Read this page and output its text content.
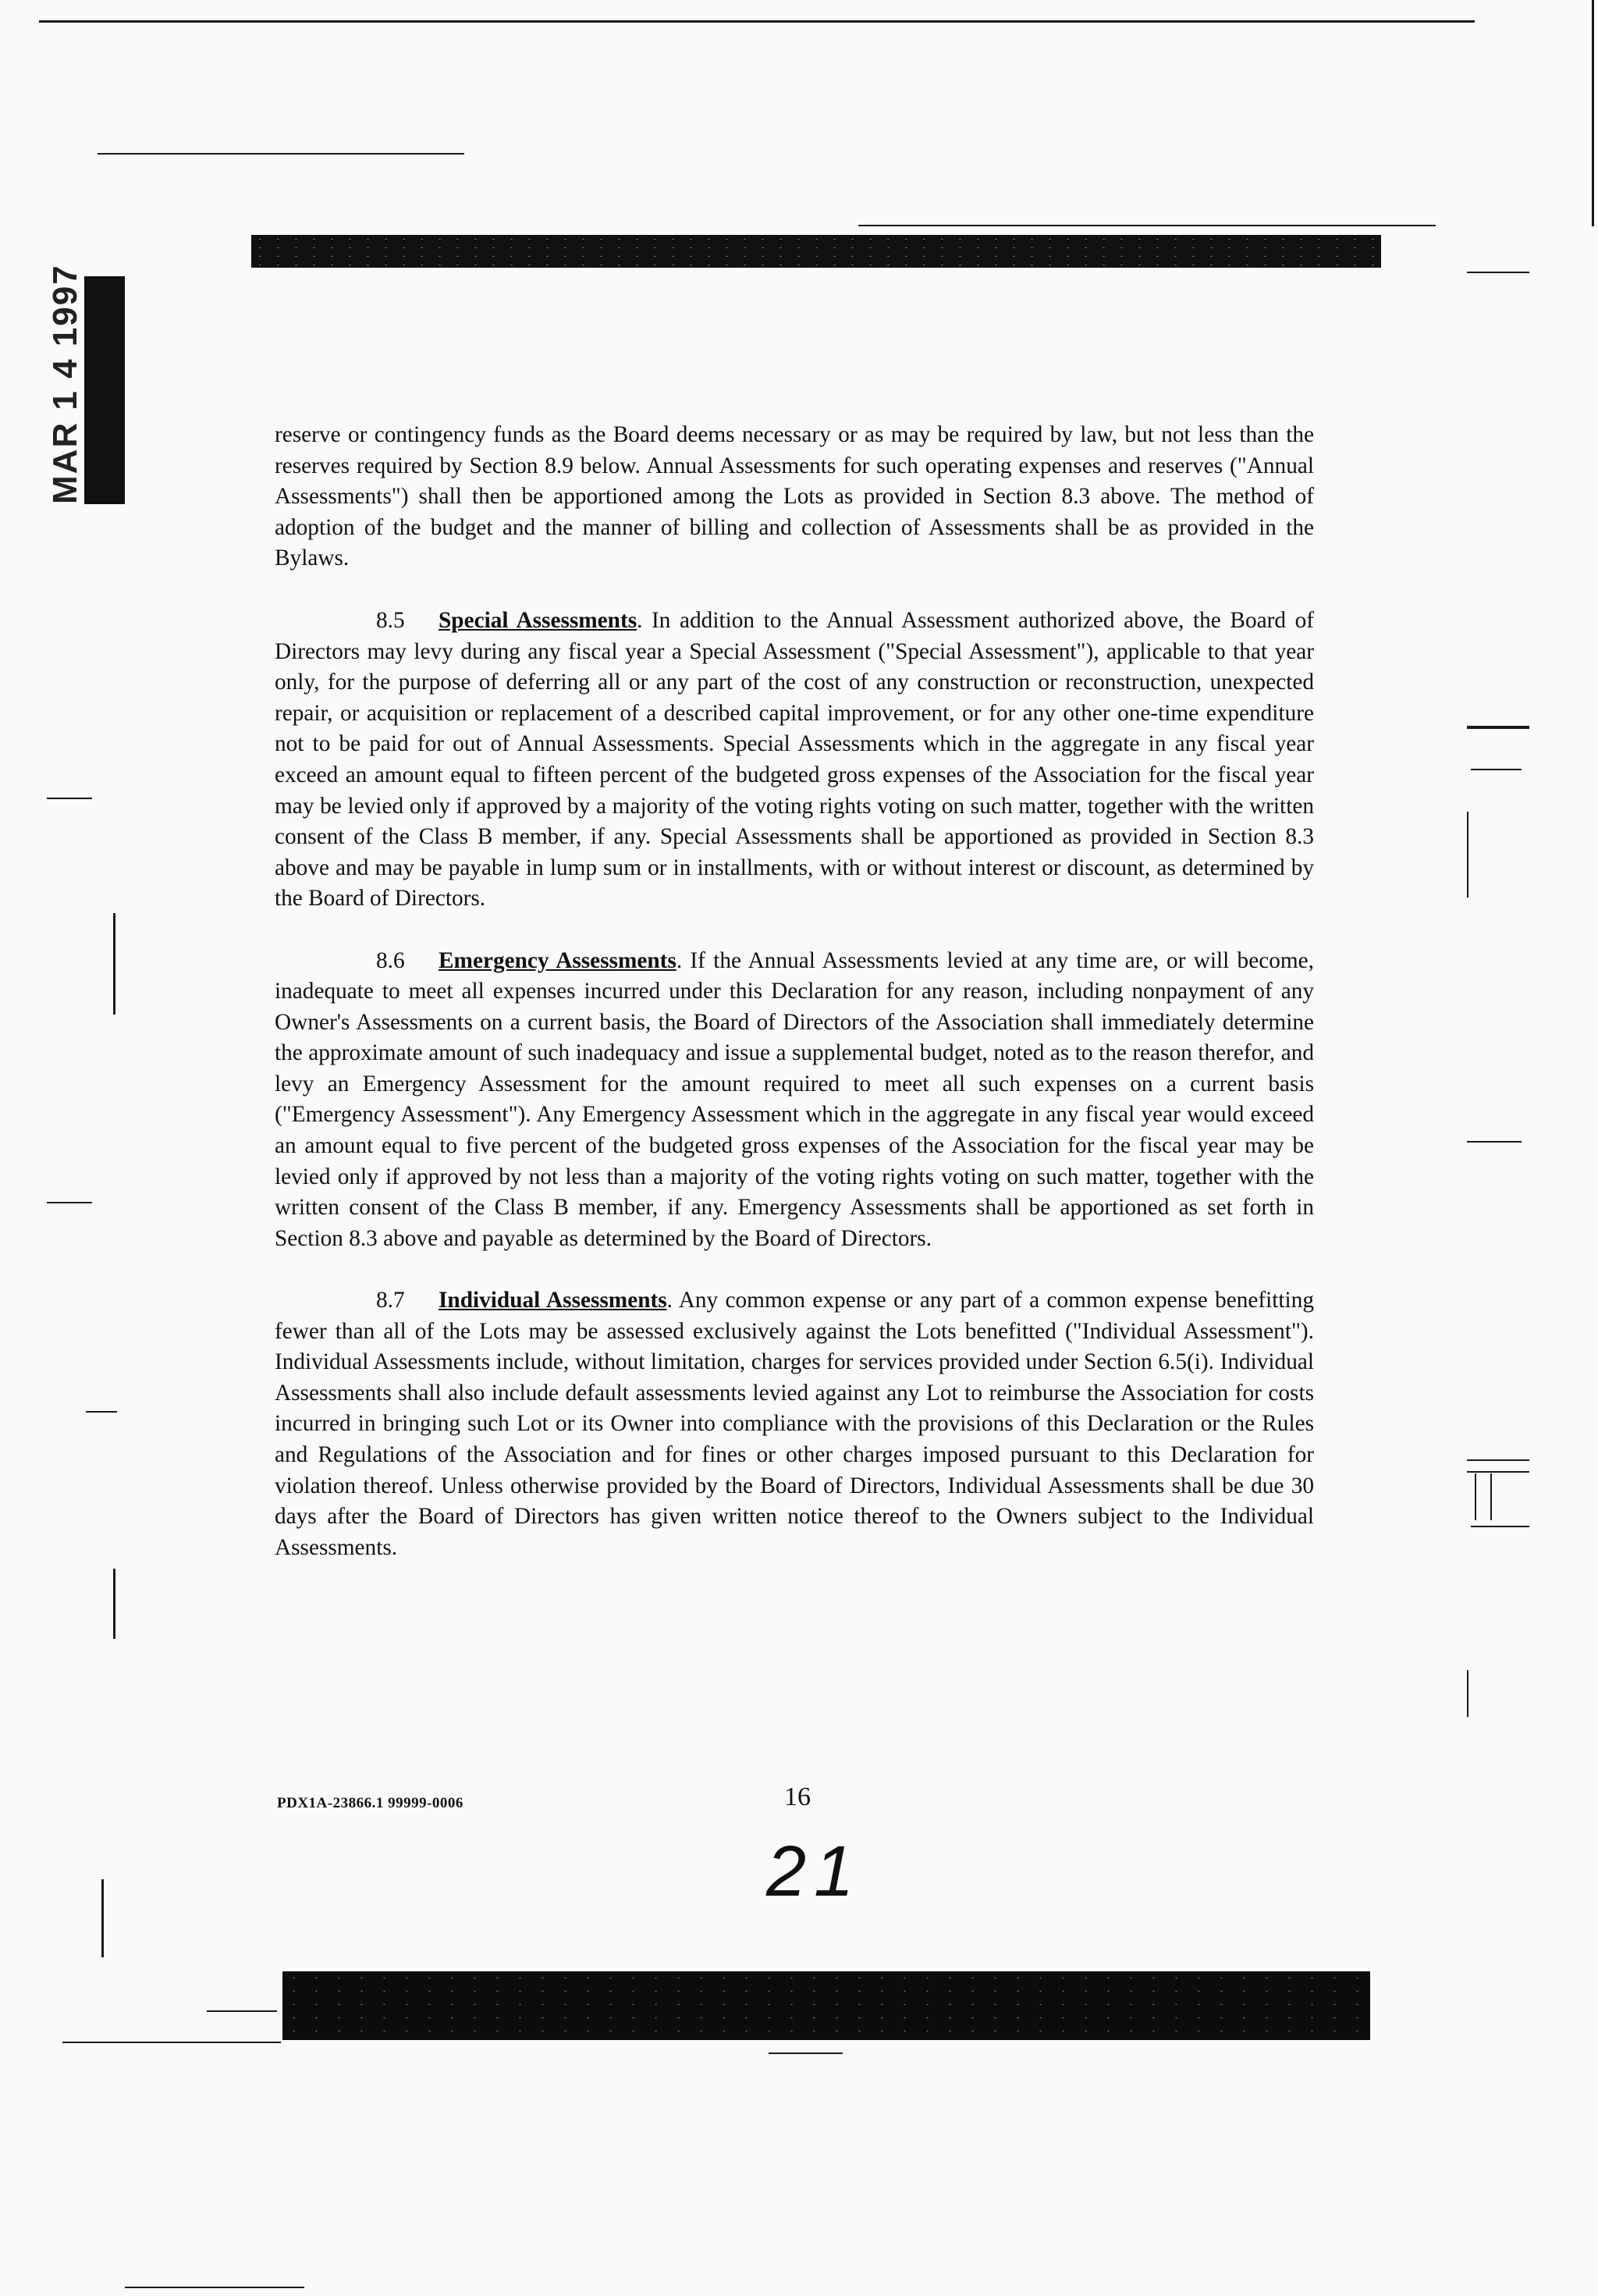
MAR 1 4 1997	reserve or contingency funds as the Board deems necessary or as may be required by law, but not less than the reserves required by Section 8.9 below. Annual Assessments for such operating expenses and reserves ("Annual Assessments") shall then be apportioned among the Lots as provided in Section 8.3 above. The method of adoption of the budget and the manner of billing and collection of Assessments shall be as provided in the Bylaws.

8.5 Special Assessments. In addition to the Annual Assessment authorized above, the Board of Directors may levy during any fiscal year a Special Assessment ("Special Assessment"), applicable to that year only, for the purpose of deferring all or any part of the cost of any construction or reconstruction, unexpected repair, or acquisition or replacement of a described capital improvement, or for any other one-time expenditure not to be paid for out of Annual Assessments. Special Assessments which in the aggregate in any fiscal year exceed an amount equal to fifteen percent of the budgeted gross expenses of the Association for the fiscal year may be levied only if approved by a majority of the voting rights voting on such matter, together with the written consent of the Class B member, if any. Special Assessments shall be apportioned as provided in Section 8.3 above and may be payable in lump sum or in installments, with or without interest or discount, as determined by the Board of Directors.

8.6 Emergency Assessments. If the Annual Assessments levied at any time are, or will become, inadequate to meet all expenses incurred under this Declaration for any reason, including nonpayment of any Owner's Assessments on a current basis, the Board of Directors of the Association shall immediately determine the approximate amount of such inadequacy and issue a supplemental budget, noted as to the reason therefor, and levy an Emergency Assessment for the amount required to meet all such expenses on a current basis ("Emergency Assessment"). Any Emergency Assessment which in the aggregate in any fiscal year would exceed an amount equal to five percent of the budgeted gross expenses of the Association for the fiscal year may be levied only if approved by not less than a majority of the voting rights voting on such matter, together with the written consent of the Class B member, if any. Emergency Assessments shall be apportioned as set forth in Section 8.3 above and payable as determined by the Board of Directors.

8.7 Individual Assessments. Any common expense or any part of a common expense benefitting fewer than all of the Lots may be assessed exclusively against the Lots benefitted ("Individual Assessment"). Individual Assessments include, without limitation, charges for services provided under Section 6.5(i). Individual Assessments shall also include default assessments levied against any Lot to reimburse the Association for costs incurred in bringing such Lot or its Owner into compliance with the provisions of this Declaration or the Rules and Regulations of the Association and for fines or other charges imposed pursuant to this Declaration for violation thereof. Unless otherwise provided by the Board of Directors, Individual Assessments shall be due 30 days after the Board of Directors has given written notice thereof to the Owners subject to the Individual Assessments.

PDX1A-23866.1 99999-0006	16
21
